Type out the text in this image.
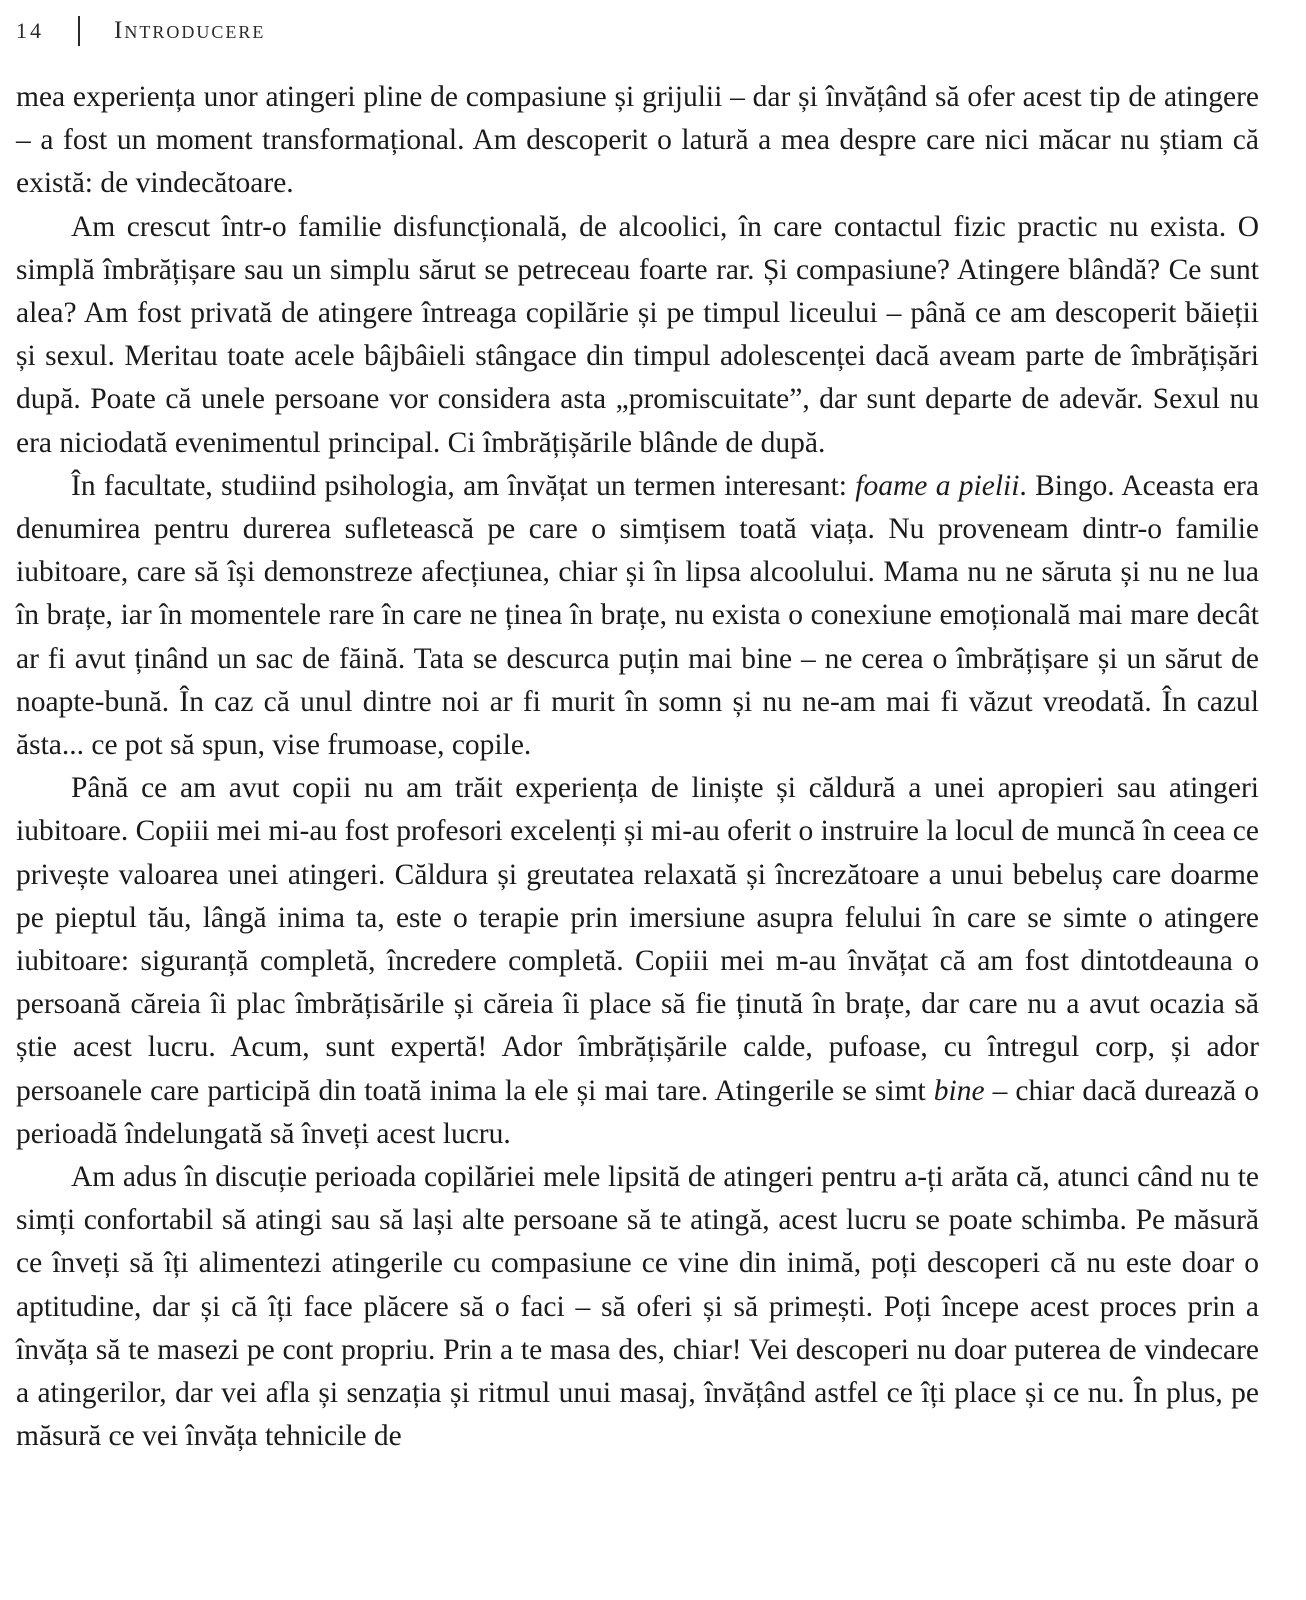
14	Introducere

mea experiența unor atingeri pline de compasiune și grijulii – dar și învățând să ofer acest tip de atingere – a fost un moment transformațional. Am descoperit o latură a mea despre care nici măcar nu știam că există: de vindecătoare.

Am crescut într-o familie disfuncțională, de alcoolici, în care contactul fizic practic nu exista. O simplă îmbrățișare sau un simplu sărut se petreceau foarte rar. Și compasiune? Atingere blândă? Ce sunt alea? Am fost privată de atingere întreaga copilărie și pe timpul liceului – până ce am descoperit băieții și sexul. Meritau toate acele bâjbâieli stângace din timpul adolescenței dacă aveam parte de îmbrățișări după. Poate că unele persoane vor considera asta „promiscuitate”, dar sunt departe de adevăr. Sexul nu era niciodată evenimentul principal. Ci îmbrățișările blânde de după.

În facultate, studiind psihologia, am învățat un termen interesant: foame a pielii. Bingo. Aceasta era denumirea pentru durerea sufletească pe care o simțisem toată viața. Nu proveneam dintr-o familie iubitoare, care să își demonstreze afecțiunea, chiar și în lipsa alcoolului. Mama nu ne săruta și nu ne lua în brațe, iar în momentele rare în care ne ținea în brațe, nu exista o conexiune emoțională mai mare decât ar fi avut ținând un sac de făină. Tata se descurca puțin mai bine – ne cerea o îmbrățișare și un sărut de noapte-bună. În caz că unul dintre noi ar fi murit în somn și nu ne-am mai fi văzut vreodată. În cazul ăsta... ce pot să spun, vise frumoase, copile.

Până ce am avut copii nu am trăit experiența de liniște și căldură a unei apropieri sau atingeri iubitoare. Copiii mei mi-au fost profesori excelenți și mi-au oferit o instruire la locul de muncă în ceea ce privește valoarea unei atingeri. Căldura și greutatea relaxată și încrezătoare a unui bebeluș care doarme pe pieptul tău, lângă inima ta, este o terapie prin imersiune asupra felului în care se simte o atingere iubitoare: siguranță completă, încredere completă. Copiii mei m-au învățat că am fost dintotdeauna o persoană căreia îi plac îmbrățisările și căreia îi place să fie ținută în brațe, dar care nu a avut ocazia să știe acest lucru. Acum, sunt expertă! Ador îmbrățișările calde, pufoase, cu întregul corp, și ador persoanele care participă din toată inima la ele și mai tare. Atingerile se simt bine – chiar dacă durează o perioadă îndelungată să înveți acest lucru.

Am adus în discuție perioada copilăriei mele lipsită de atingeri pentru a-ți arăta că, atunci când nu te simți confortabil să atingi sau să lași alte persoane să te atingă, acest lucru se poate schimba. Pe măsură ce înveți să îți alimentezi atingerile cu compasiune ce vine din inimă, poți descoperi că nu este doar o aptitudine, dar și că îți face plăcere să o faci – să oferi și să primești. Poți începe acest proces prin a învăța să te masezi pe cont propriu. Prin a te masa des, chiar! Vei descoperi nu doar puterea de vindecare a atingerilor, dar vei afla și senzația și ritmul unui masaj, învățând astfel ce îți place și ce nu. În plus, pe măsură ce vei învăța tehnicile de
